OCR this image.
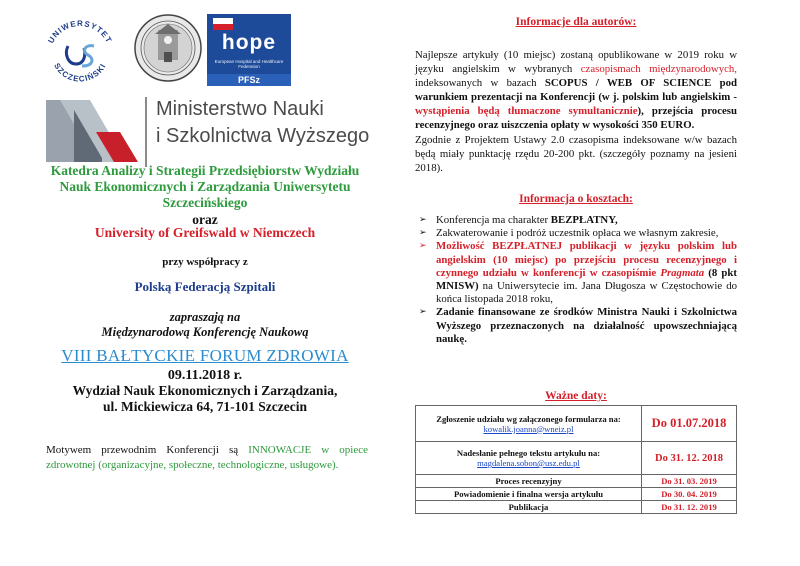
UNIWERSYTET
SZCZECIŃSKI
hope
European Hospital and Healthcare Federation
PFSz
Ministerstwo Nauki
i Szkolnictwa Wyższego
Katedra Analizy i Strategii Przedsiębiorstw Wydziału Nauk Ekonomicznych i Zarządzania Uniwersytetu Szczecińskiego
oraz
University of Greifswald w Niemczech
przy współpracy z
Polską Federacją Szpitali
zapraszają na
Międzynarodową Konferencję Naukową
VIII BAŁTYCKIE FORUM ZDROWIA
09.11.2018 r.
Wydział Nauk Ekonomicznych i Zarządzania,
ul. Mickiewicza 64, 71-101 Szczecin
Motywem przewodnim Konferencji są INNOWACJE w opiece zdrowotnej (organizacyjne, społeczne, technologiczne, usługowe).
Informacje dla autorów:
Najlepsze artykuły (10 miejsc) zostaną opublikowane w 2019 roku w języku angielskim w wybranych czasopismach międzynarodowych, indeksowanych w bazach SCOPUS / WEB OF SCIENCE pod warunkiem prezentacji na Konferencji (w j. polskim lub angielskim - wystąpienia będą tłumaczone symultanicznie), przejścia procesu recenzyjnego oraz uiszczenia opłaty w wysokości 350 EURO.
Zgodnie z Projektem Ustawy 2.0 czasopisma indeksowane w/w bazach będą miały punktację rzędu 20-200 pkt. (szczegóły poznamy na jesieni 2018).
Informacja o kosztach:
➢ Konferencja ma charakter BEZPŁATNY,
➢ Zakwaterowanie i podróż uczestnik opłaca we własnym zakresie,
➢ Możliwość BEZPŁATNEJ publikacji w języku polskim lub angielskim (10 miejsc) po przejściu procesu recenzyjnego i czynnego udziału w konferencji w czasopiśmie Pragmata (8 pkt MNISW) na Uniwersytecie im. Jana Długosza w Częstochowie do końca listopada 2018 roku,
➢ Zadanie finansowane ze środków Ministra Nauki i Szkolnictwa Wyższego przeznaczonych na działalność upowszechniającą naukę.
Ważne daty:
Zgłoszenie udziału wg załączonego formularza na:
kowalik.joanna@wneiz.pl	Do 01.07.2018
Nadesłanie pełnego tekstu artykułu na:
magdalena.sobon@usz.edu.pl	Do 31. 12. 2018
Proces recenzyjny	Do 31. 03. 2019
Powiadomienie i finalna wersja artykułu	Do 30. 04. 2019
Publikacja	Do 31. 12. 2019
